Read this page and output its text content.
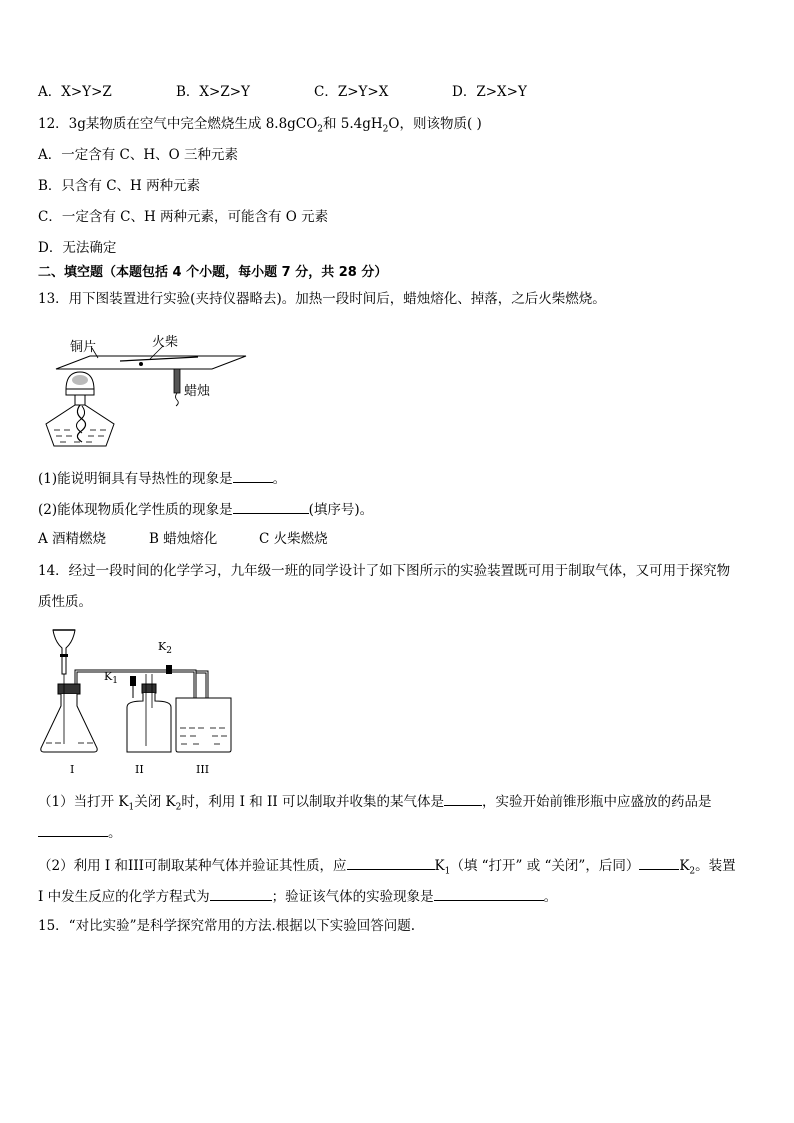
A．X>Y>Z	B．X>Z>Y	C．Z>Y>X	D．Z>X>Y
12．3g某物质在空气中完全燃烧生成 8.8gCO$_2$和 $5.4gH_2O$，则该物质( )
A．一定含有 C、H、O 三种元素
B．只含有 C、H 两种元素
C．一定含有 C、H 两种元素，可能含有 O 元素
D．无法确定
二、填空题（本题包括 4 个小题，每小题 7 分，共 28 分）
13．用下图装置进行实验(夹持仪器略去)。加热一段时间后，蜡烛熔化、掉落，之后火柴燃烧。
铜片	火柴
蜡烛
(1)能说明铜具有导热性的现象是	。
(2)能体现物质化学性质的现象是	(填序号)。
A 酒精燃烧	B 蜡烛熔化	C 火柴燃烧
14．经过一段时间的化学学习，九年级一班的同学设计了如下图所示的实验装置既可用于制取气体，又可用于探究物
质性质。
$K_2$
$K_1$
I	II	III
（1）当打开 $K_1$关闭 $K_2$时，利用 I 和 II 可以制取并收集的某气体是	，实验开始前锥形瓶中应盛放的药品是
。
（2）利用 I 和III可制取某种气体并验证其性质，应	$K_1$（填 “打开” 或 “关闭”，后同）	$K_2$。装置
I 中发生反应的化学方程式为	；验证该气体的实验现象是	。
15．“对比实验”是科学探究常用的方法.根据以下实验回答问题.
